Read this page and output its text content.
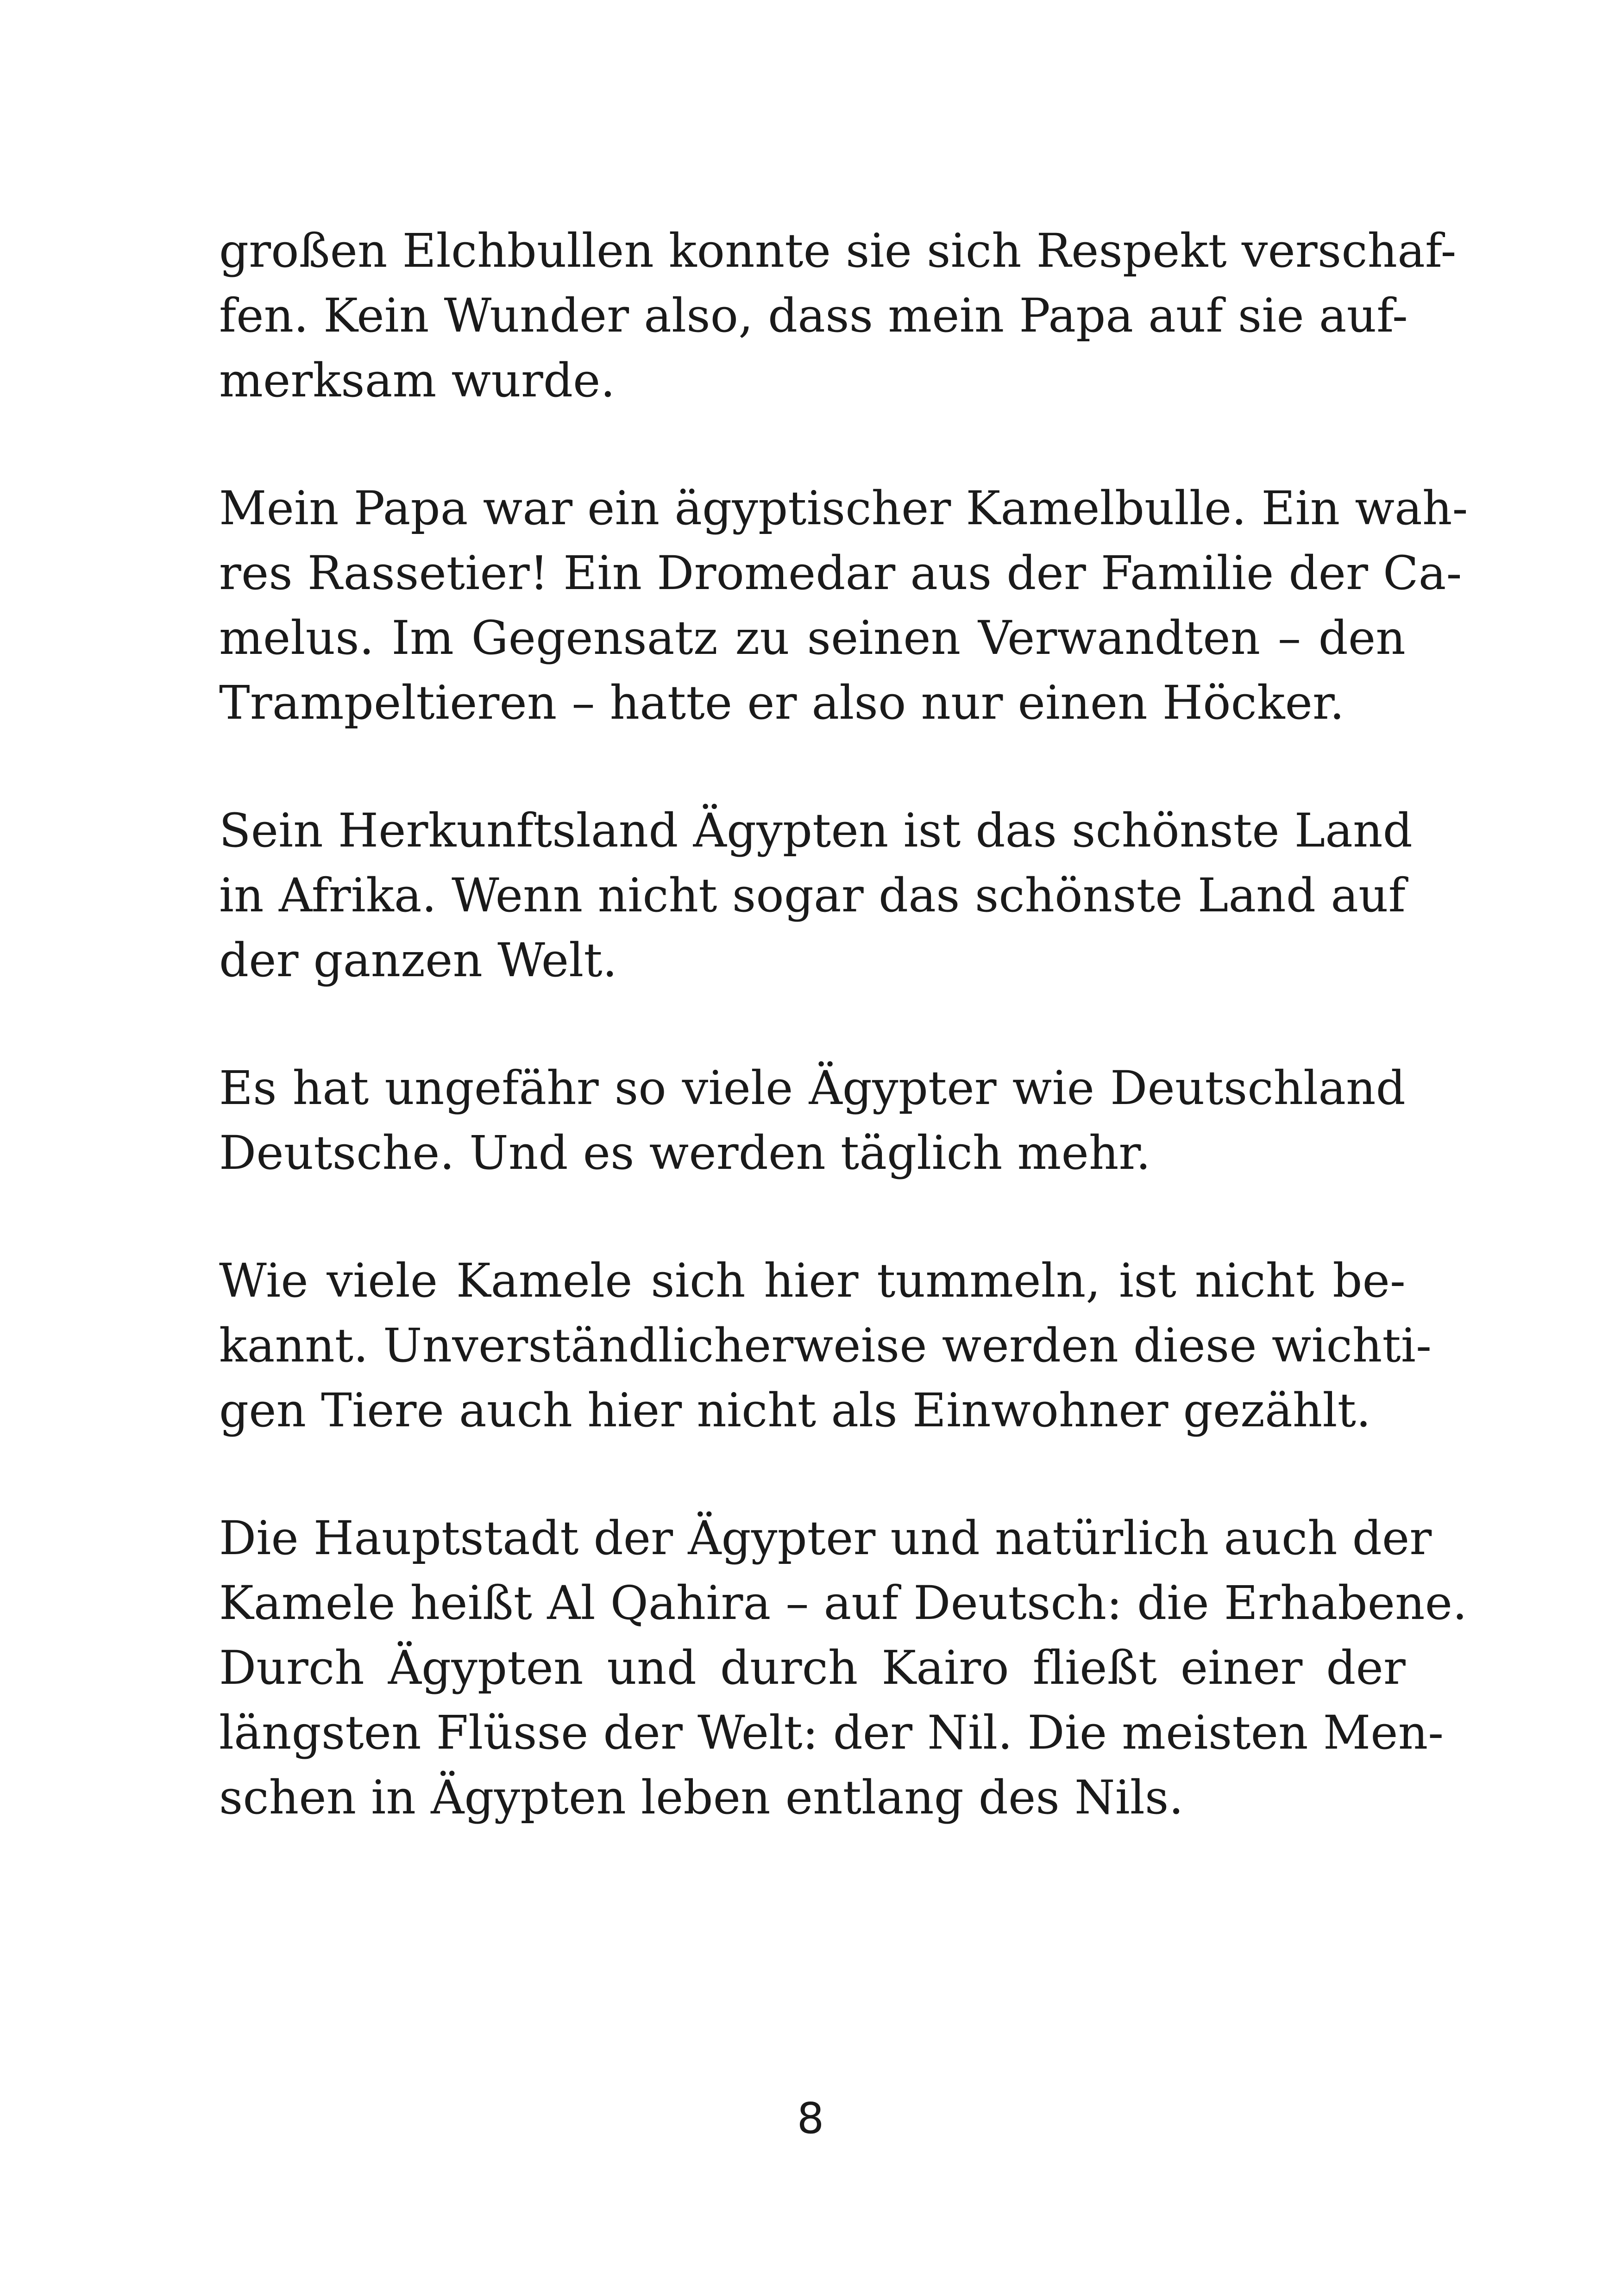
großen Elchbullen konnte sie sich Respekt verschaf-
fen. Kein Wunder also, dass mein Papa auf sie auf-
merksam wurde.

Mein Papa war ein ägyptischer Kamelbulle. Ein wah-
res Rassetier! Ein Dromedar aus der Familie der Ca-
melus. Im Gegensatz zu seinen Verwandten – den
Trampeltieren – hatte er also nur einen Höcker.

Sein Herkunftsland Ägypten ist das schönste Land
in Afrika. Wenn nicht sogar das schönste Land auf
der ganzen Welt.

Es hat ungefähr so viele Ägypter wie Deutschland
Deutsche. Und es werden täglich mehr.

Wie viele Kamele sich hier tummeln, ist nicht be-
kannt. Unverständlicherweise werden diese wichti-
gen Tiere auch hier nicht als Einwohner gezählt.

Die Hauptstadt der Ägypter und natürlich auch der
Kamele heißt Al Qahira – auf Deutsch: die Erhabene.
Durch Ägypten und durch Kairo fließt einer der
längsten Flüsse der Welt: der Nil. Die meisten Men-
schen in Ägypten leben entlang des Nils.

8
